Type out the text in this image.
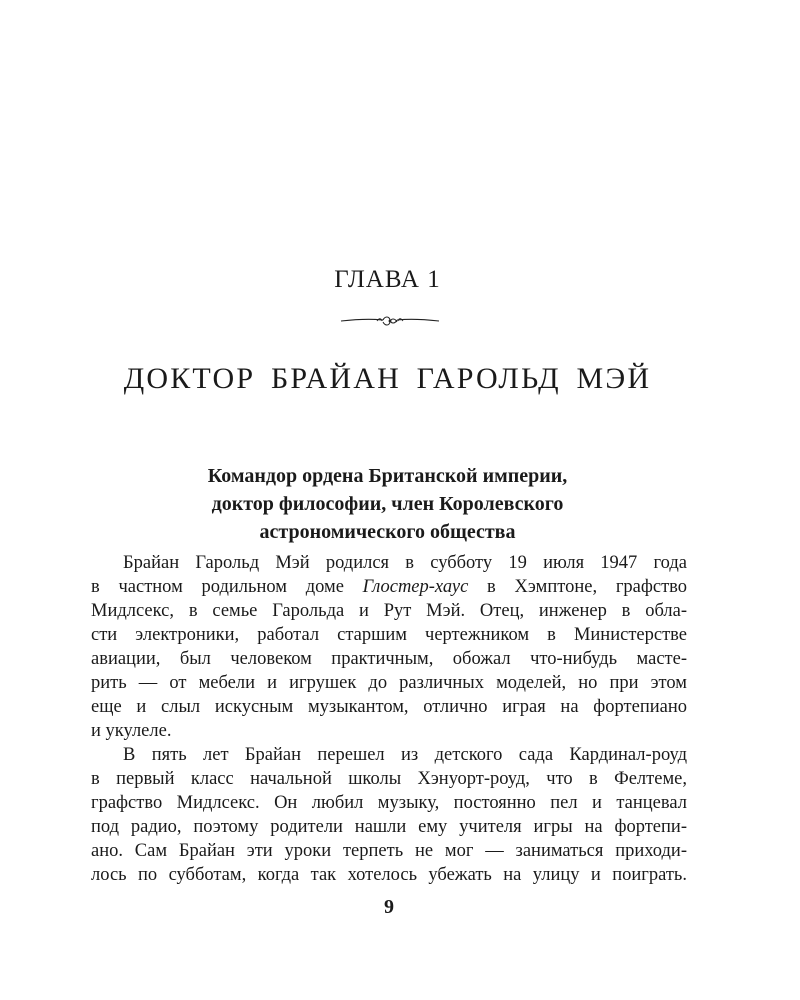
ГЛАВА 1
ДОКТОР БРАЙАН ГАРОЛЬД МЭЙ
Командор ордена Британской империи,
доктор философии, член Королевского
астрономического общества
Брайан Гарольд Мэй родился в субботу 19 июля 1947 года
в частном родильном доме Глостер-хаус в Хэмптоне, графство
Мидлсекс, в семье Гарольда и Рут Мэй. Отец, инженер в обла-
сти электроники, работал старшим чертежником в Министерстве
авиации, был человеком практичным, обожал что-нибудь масте-
рить — от мебели и игрушек до различных моделей, но при этом
еще и слыл искусным музыкантом, отлично играя на фортепиано
и укулеле.
В пять лет Брайан перешел из детского сада Кардинал-роуд
в первый класс начальной школы Хэнуорт-роуд, что в Фелтеме,
графство Мидлсекс. Он любил музыку, постоянно пел и танцевал
под радио, поэтому родители нашли ему учителя игры на фортепи-
ано. Сам Брайан эти уроки терпеть не мог — заниматься приходи-
лось по субботам, когда так хотелось убежать на улицу и поиграть.
9
